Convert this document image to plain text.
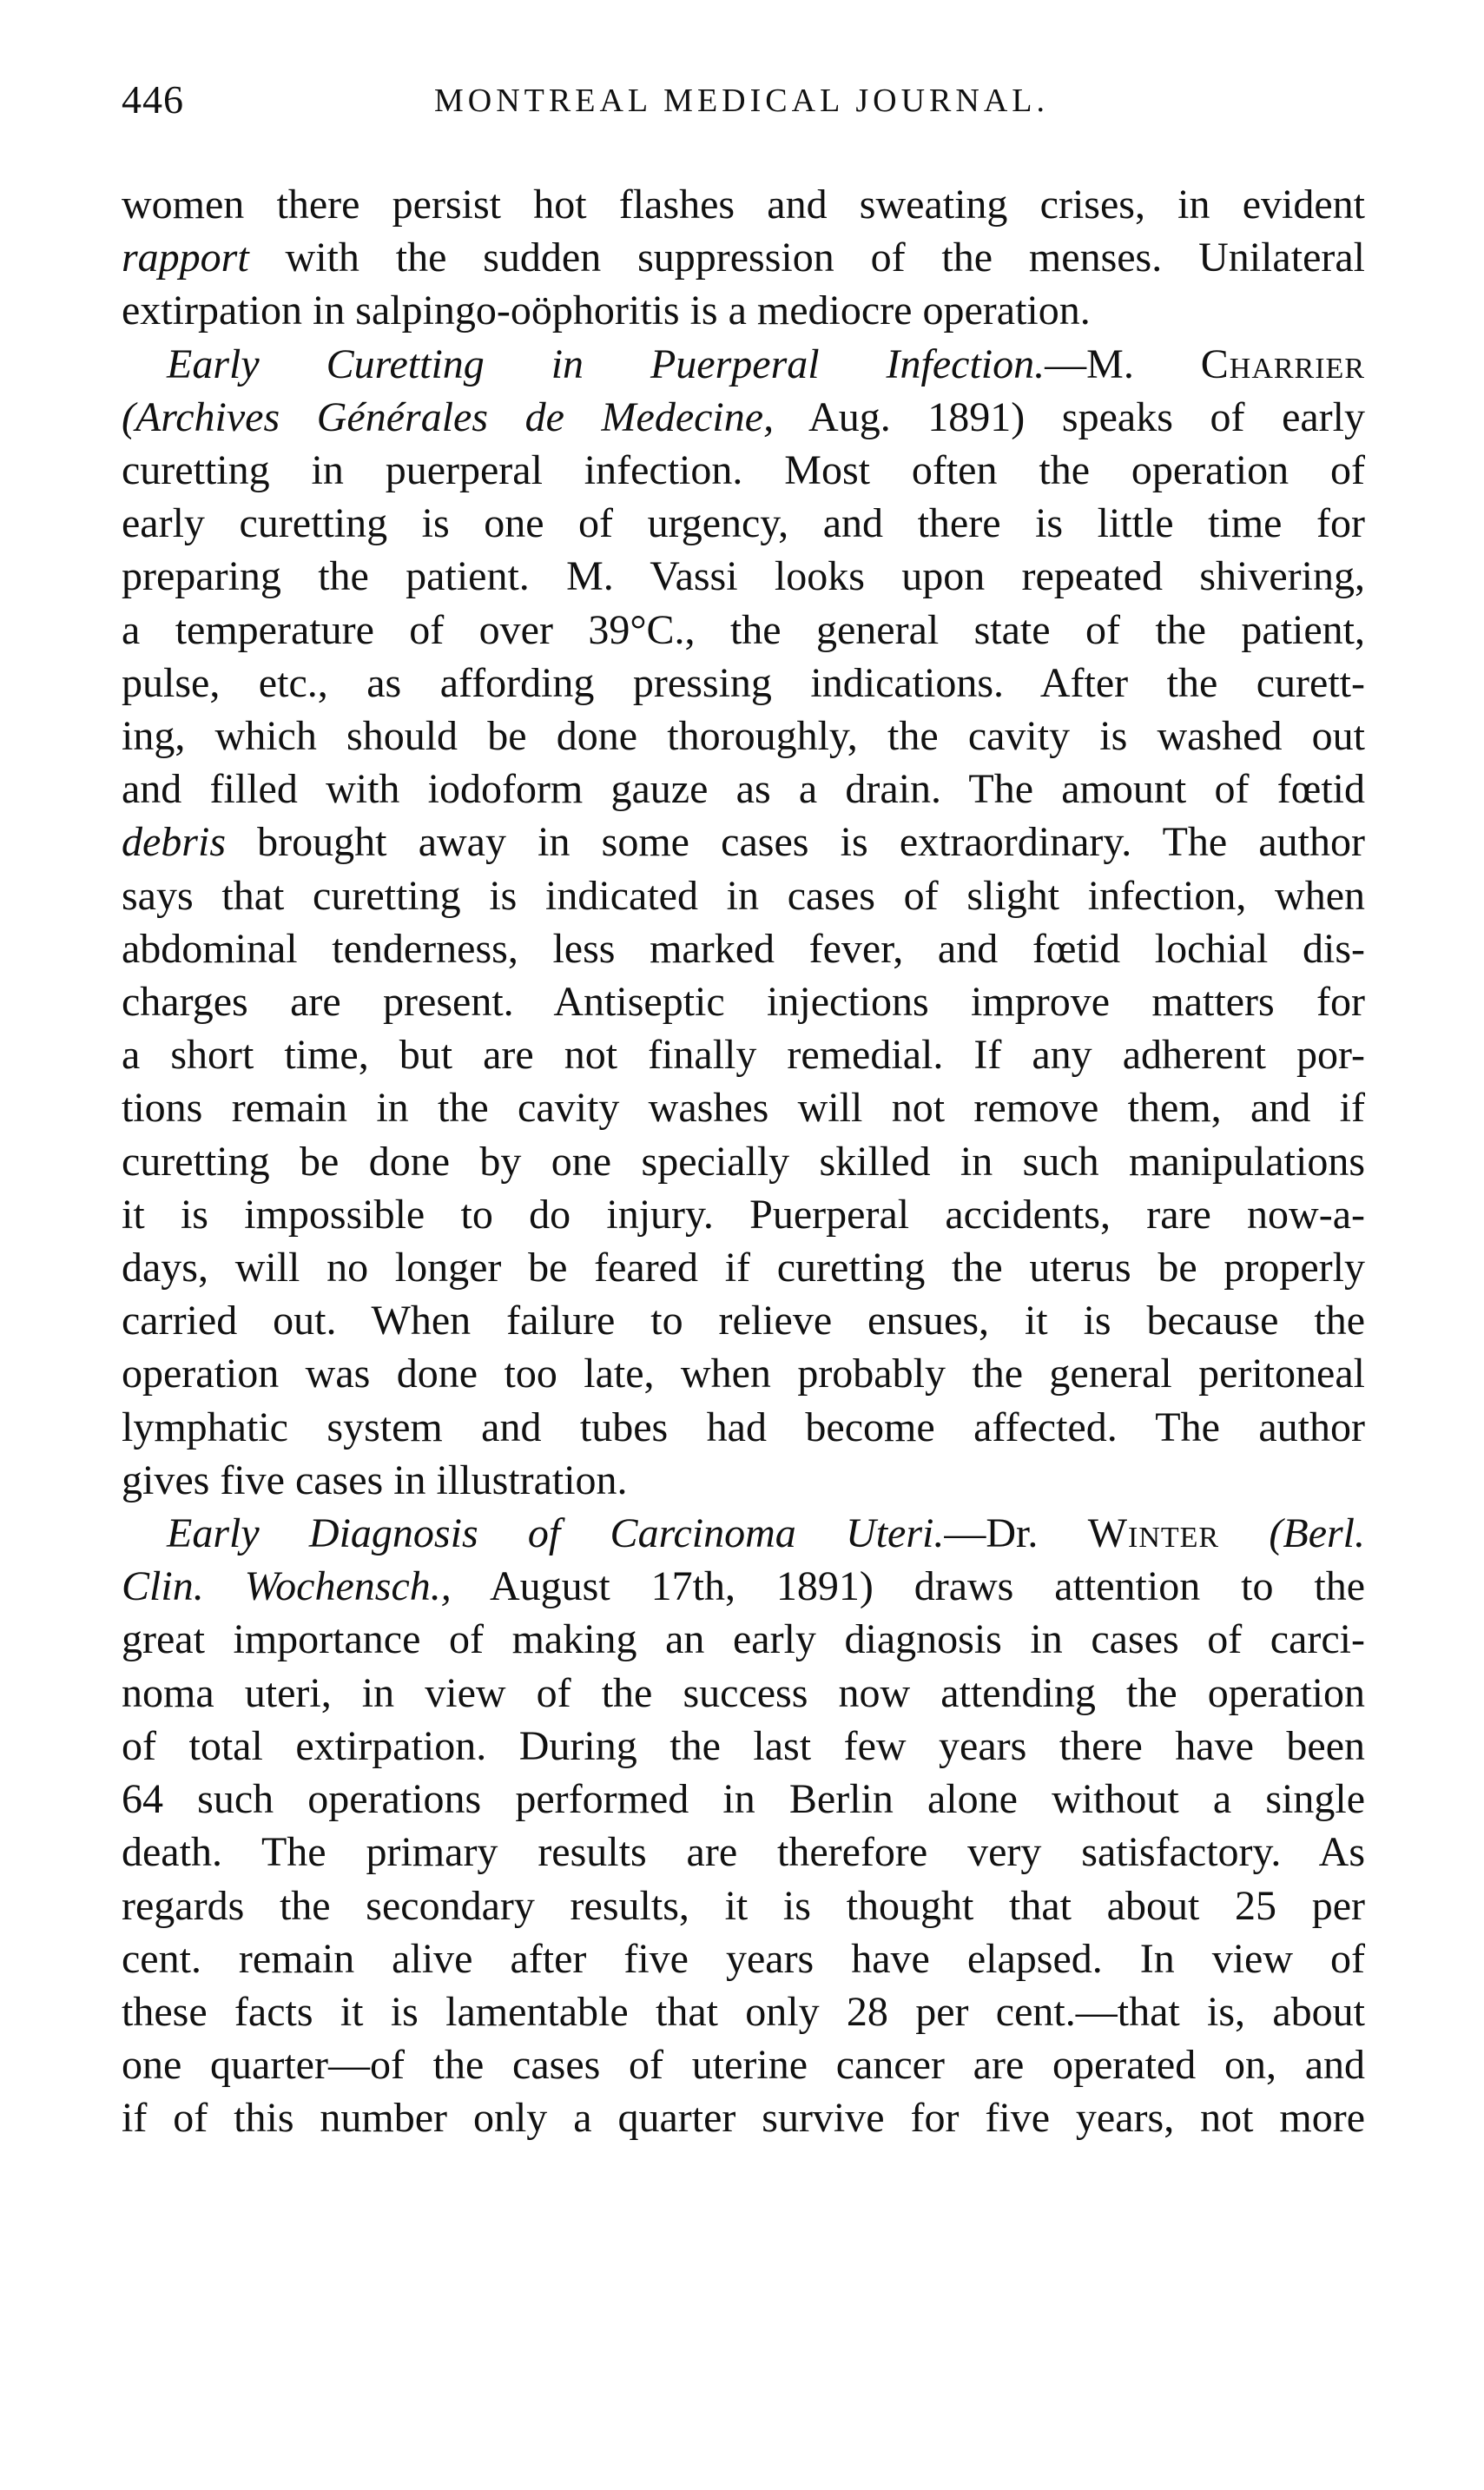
446	MONTREAL MEDICAL JOURNAL.
women there persist hot flashes and sweating crises, in evident
rapport with the sudden suppression of the menses. Unilateral
extirpation in salpingo-oöphoritis is a mediocre operation.
Early Curetting in Puerperal Infection.—M. Charrier
(Archives Générales de Medecine, Aug. 1891) speaks of early
curetting in puerperal infection. Most often the operation of
early curetting is one of urgency, and there is little time for
preparing the patient. M. Vassi looks upon repeated shivering,
a temperature of over 39°C., the general state of the patient,
pulse, etc., as affording pressing indications. After the curett-
ing, which should be done thoroughly, the cavity is washed out
and filled with iodoform gauze as a drain. The amount of fœtid
debris brought away in some cases is extraordinary. The author
says that curetting is indicated in cases of slight infection, when
abdominal tenderness, less marked fever, and fœtid lochial dis-
charges are present. Antiseptic injections improve matters for
a short time, but are not finally remedial. If any adherent por-
tions remain in the cavity washes will not remove them, and if
curetting be done by one specially skilled in such manipulations
it is impossible to do injury. Puerperal accidents, rare now-a-
days, will no longer be feared if curetting the uterus be properly
carried out. When failure to relieve ensues, it is because the
operation was done too late, when probably the general peritoneal
lymphatic system and tubes had become affected. The author
gives five cases in illustration.
Early Diagnosis of Carcinoma Uteri.—Dr. Winter (Berl.
Clin. Wochensch., August 17th, 1891) draws attention to the
great importance of making an early diagnosis in cases of carci-
noma uteri, in view of the success now attending the operation
of total extirpation. During the last few years there have been
64 such operations performed in Berlin alone without a single
death. The primary results are therefore very satisfactory. As
regards the secondary results, it is thought that about 25 per
cent. remain alive after five years have elapsed. In view of
these facts it is lamentable that only 28 per cent.—that is, about
one quarter—of the cases of uterine cancer are operated on, and
if of this number only a quarter survive for five years, not more
